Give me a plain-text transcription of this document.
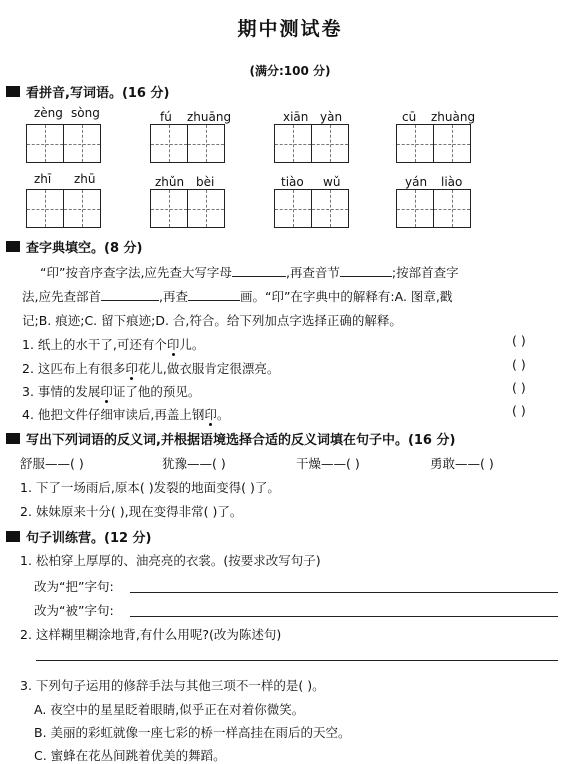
期中测试卷
(满分:100 分)
看拼音,写词语。(16 分)
zèng sòng	fú zhuāng	xiān yàn	cū zhuàng
zhī zhū	zhǔn bèi	tiào wǔ	yán liào
查字典填空。(8 分)
“印”按音序查字法,应先查大写字母	,再查音节	;按部首查字
法,应先查部首	,再查	画。“印”在字典中的解释有:A. 图章,戳
记;B. 痕迹;C. 留下痕迹;D. 合,符合。给下列加点字选择正确的解释。
1. 纸上的水干了,可还有个印儿。	( )
2. 这匹布上有很多印花儿,做衣服肯定很漂亮。	( )
3. 事情的发展印证了他的预见。	( )
4. 他把文件仔细审读后,再盖上钢印。	( )
写出下列词语的反义词,并根据语境选择合适的反义词填在句子中。(16 分)
舒服——( )	犹豫——( )	干燥——( )	勇敢——( )
1. 下了一场雨后,原本( )发裂的地面变得( )了。
2. 妹妹原来十分( ),现在变得非常( )了。
句子训练营。(12 分)
1. 松柏穿上厚厚的、油亮亮的衣裳。(按要求改写句子)
改为“把”字句:
改为“被”字句:
2. 这样糊里糊涂地背,有什么用呢?(改为陈述句)
3. 下列句子运用的修辞手法与其他三项不一样的是( )。
A. 夜空中的星星眨着眼睛,似乎正在对着你微笑。
B. 美丽的彩虹就像一座七彩的桥一样高挂在雨后的天空。
C. 蜜蜂在花丛间跳着优美的舞蹈。
